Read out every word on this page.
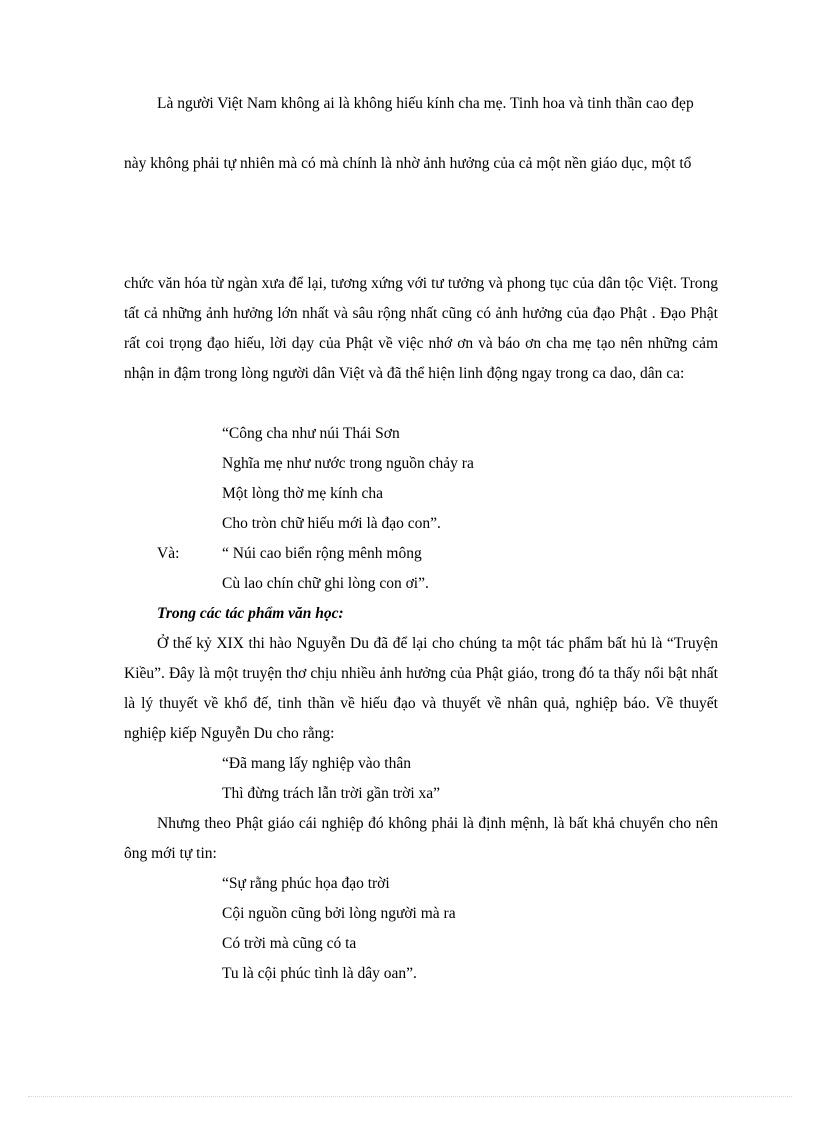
Là người Việt Nam không ai là không hiếu kính cha mẹ. Tinh hoa và tinh thần cao đẹp

này không phải tự nhiên mà có mà chính là nhờ ảnh hưởng của cả một nền giáo dục, một tổ

chức văn hóa từ ngàn xưa để lại, tương xứng với tư tưởng và phong tục của dân tộc Việt. Trong tất cả những ảnh hưởng lớn nhất và sâu rộng nhất cũng có ảnh hưởng của đạo Phật . Đạo Phật rất coi trọng đạo hiếu, lời dạy của Phật về việc nhớ ơn và báo ơn cha mẹ tạo nên những cảm nhận in đậm trong lòng người dân Việt và đã thể hiện linh động ngay trong ca dao, dân ca:

“Công cha như núi Thái Sơn
Nghĩa mẹ như nước trong nguồn chảy ra
Một lòng thờ mẹ kính cha
Cho tròn chữ hiếu mới là đạo con”.
Và:	“ Núi cao biển rộng mênh mông
Cù lao chín chữ ghi lòng con ơi”.
Trong các tác phẩm văn học:

Ở thế kỷ XIX thi hào Nguyễn Du đã để lại cho chúng ta một tác phẩm bất hủ là “Truyện Kiều”. Đây là một truyện thơ chịu nhiều ảnh hưởng của Phật giáo, trong đó ta thấy nổi bật nhất là lý thuyết về khổ đế, tinh thần về hiếu đạo và thuyết về nhân quả, nghiệp báo. Về thuyết nghiệp kiếp Nguyễn Du cho rằng:

“Đã mang lấy nghiệp vào thân
Thì đừng trách lẫn trời gần trời xa”

Nhưng theo Phật giáo cái nghiệp đó không phải là định mệnh, là bất khả chuyển cho nên ông mới tự tin:

“Sự rằng phúc họa đạo trời
Cội nguồn cũng bởi lòng người mà ra
Có trời mà cũng có ta
Tu là cội phúc tình là dây oan”.
